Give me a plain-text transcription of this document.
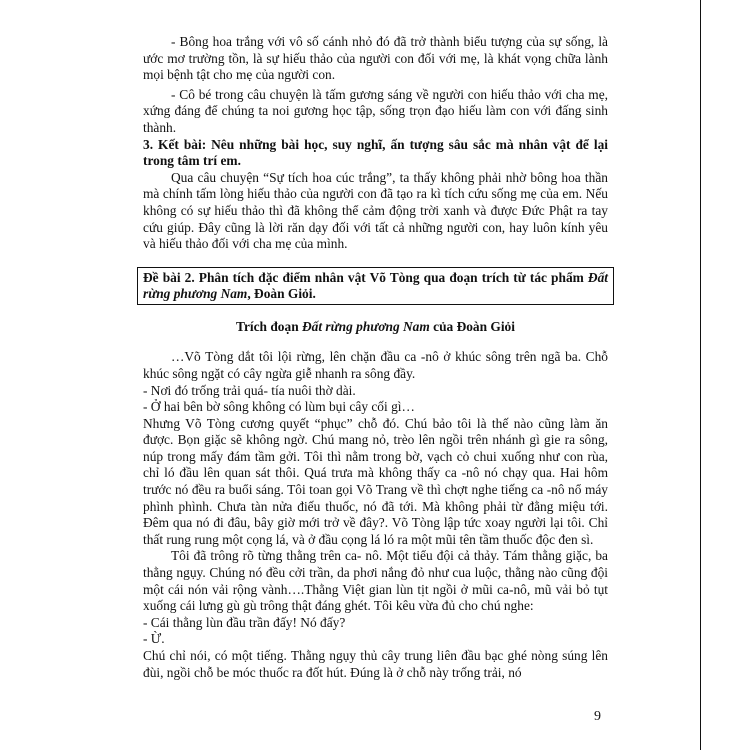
- Bông hoa trắng với vô số cánh nhỏ đó đã trở thành biểu tượng của sự sống, là ước mơ trường tồn, là sự hiếu thảo của người con đối với mẹ, là khát vọng chữa lành mọi bệnh tật cho mẹ của người con.

- Cô bé trong câu chuyện là tấm gương sáng về người con hiếu thảo với cha mẹ, xứng đáng để chúng ta noi gương học tập, sống trọn đạo hiếu làm con với đấng sinh thành.

3. Kết bài: Nêu những bài học, suy nghĩ, ấn tượng sâu sắc mà nhân vật để lại trong tâm trí em.

Qua câu chuyện “Sự tích hoa cúc trắng”, ta thấy không phải nhờ bông hoa thần mà chính tấm lòng hiếu thảo của người con đã tạo ra kì tích cứu sống mẹ của em. Nếu không có sự hiếu thảo thì đã không thể cảm động trời xanh và được Đức Phật ra tay cứu giúp. Đây cũng là lời răn dạy đối với tất cả những người con, hay luôn kính yêu và hiếu thảo đối với cha mẹ của mình.

Đề bài 2. Phân tích đặc điểm nhân vật Võ Tòng qua đoạn trích từ tác phẩm Đất rừng phương Nam, Đoàn Giỏi.

Trích đoạn Đất rừng phương Nam của Đoàn Giỏi

…Võ Tòng dắt tôi lội rừng, lên chặn đầu ca -nô ở khúc sông trên ngã ba. Chỗ khúc sông ngặt có cây ngừa giễ nhanh ra sông đầy.

- Nơi đó trống trải quá- tía nuôi thờ dài.

- Ở hai bên bờ sông không có lùm bụi cây cối gì…

Nhưng Võ Tòng cương quyết “phục” chỗ đó. Chú bảo tôi là thế nào cũng làm ăn được. Bọn giặc sẽ không ngờ. Chú mang nỏ, trèo lên ngồi trên nhánh gì gie ra sông, núp trong mấy đám tầm gởi. Tôi thì nằm trong bờ, vạch cỏ chui xuống như con rùa, chỉ ló đầu lên quan sát thôi. Quá trưa mà không thấy ca -nô nó chạy qua. Hai hôm trước nó đều ra buổi sáng. Tôi toan gọi Võ Trang về thì chợt nghe tiếng ca -nô nổ máy phình phình. Chưa tàn nửa điếu thuốc, nó đã tới. Mà không phải từ đằng miệu tới. Đêm qua nó đi đâu, bây giờ mới trở về đây?. Võ Tòng lập tức xoay người lại tôi. Chỉ thất rung rung một cọng lá, và ở đầu cọng lá ló ra một mũi tên tầm thuốc độc đen sì.

Tôi đã trông rõ từng thằng trên ca- nô. Một tiểu đội cả thảy. Tám thằng giặc, ba thằng ngụy. Chúng nó đều cởi trần, da phơi nắng đỏ như cua luộc, thằng nào cũng đội một cái nón vải rộng vành….Thằng Việt gian lùn tịt ngồi ở mũi ca-nô, mũ vải bỏ tụt xuống cái lưng gù gù trông thật đáng ghét. Tôi kêu vừa đủ cho chú nghe:

- Cái thằng lùn đầu trần đấy! Nó đấy?

- Ừ.

Chú chỉ nói, có một tiếng. Thằng ngụy thủ cây trung liên đầu bạc ghé nòng súng lên đùi, ngồi chỗ be móc thuốc ra đốt hút. Đúng là ở chỗ này trống trải, nó

9
